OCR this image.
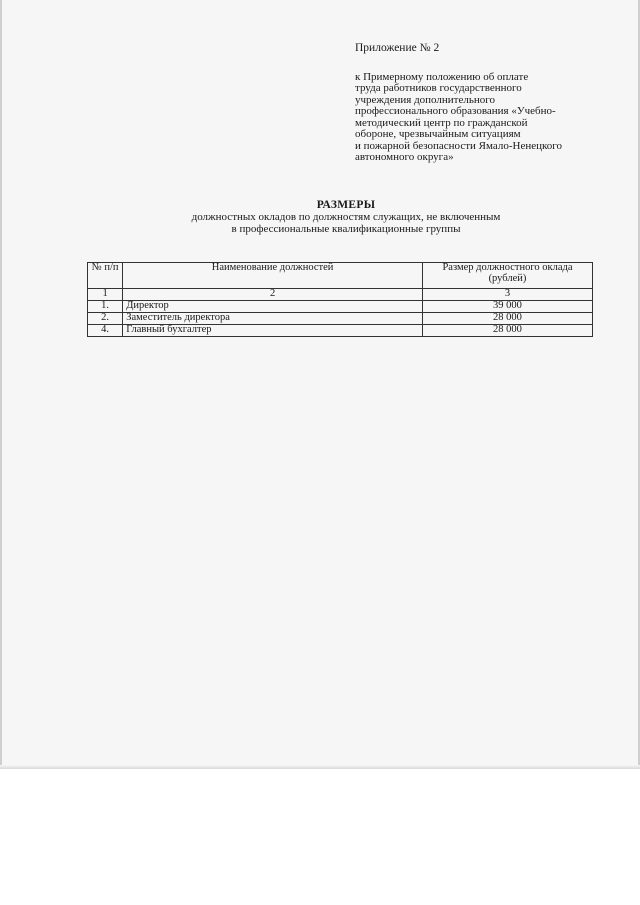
Приложение № 2
к Примерному положению об оплате
труда работников государственного
учреждения дополнительного
профессионального образования «Учебно-
методический центр по гражданской
обороне, чрезвычайным ситуациям
и пожарной безопасности Ямало-Ненецкого
автономного округа»
РАЗМЕРЫ
должностных окладов по должностям служащих, не включенным
в профессиональные квалификационные группы
№ п/п	Наименование должностей	Размер должностного оклада (рублей)
1	2	3
1.	Директор	39 000
2.	Заместитель директора	28 000
4.	Главный бухгалтер	28 000
